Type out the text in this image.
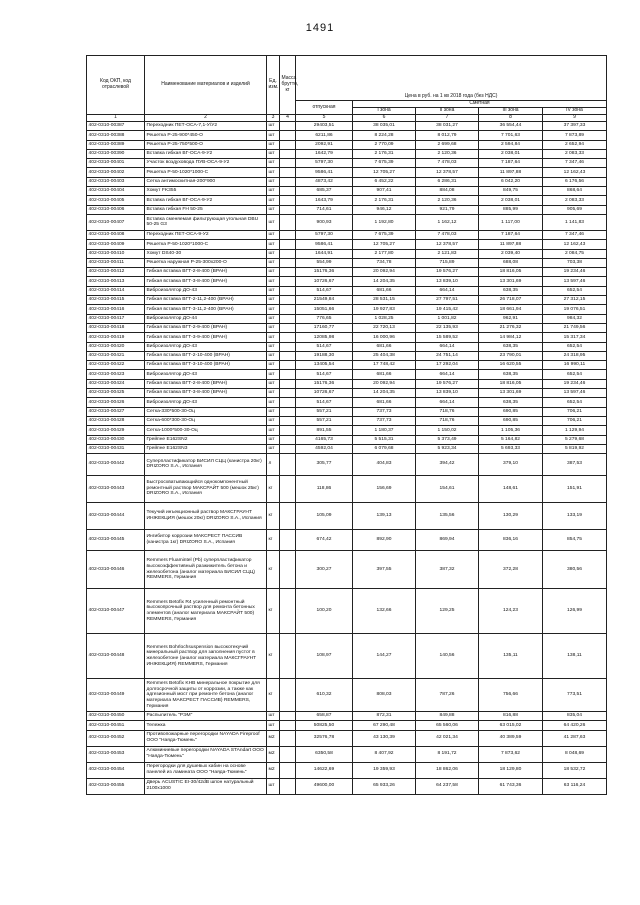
1491
Код ОКП, код отраслевой	Наименование материалов и изделий	Ед. изм.	Масса брутто, кг	Цена в руб. на 1 кв 2018 года (без НДС)				
				отпускная	Сметная			
					I зона	II зона	III зона	IV зона
1	2	3	4	5	6	7	8	9
402-0310-00387	Переходник ПЕТ-ОСА-7,1-У/У2	шт		29403,51	38 035,01	38 031,27	36 554,44	37 397,33
402-0310-00388	Решетка Р-25-900*450-О	шт		6211,86	8 224,28	8 012,79	7 701,63	7 873,89
402-0310-00389	Решетка Р-25-750*500-О	шт		2092,91	2 770,09	2 699,68	2 594,84	2 652,94
402-0310-00390	Вставка гибкая ВГ-ОСА-9-У2	шт		1642,79	2 176,31	2 120,36	2 038,01	2 083,33
402-0310-00401	Участок воздуховода ПУВ-ОСА-9-У2	шт		5797,30	7 675,39	7 478,03	7 187,64	7 347,46
402-0310-00402	Решетка Р-50-1020*1000-С	шт		9586,41	12 705,27	12 378,57	11 897,88	12 162,43
402-0310-00403	Сетка антимоскитная-200*900	шт		4873,42	6 452,22	6 286,31	6 042,20	6 176,56
402-0310-00404	Хомут FK355	шт		685,37	907,41	884,08	849,75	868,64
402-0310-00405	Вставка гибкая ВГ-ОСА-9-У2	шт		1643,79	2 176,31	2 120,36	2 038,01	2 083,33
402-0310-00406	Вставка гибкая FH 50-25	шт		714,61	946,12	921,79	885,99	905,69
402-0310-00407	Вставка сменяемая фильтрующая угольная DBU 50-25 G3	шт		900,93	1 192,80	1 162,12	1 117,00	1 141,83
402-0310-00408	Переходник ПЕТ-ОСА-9-У2	шт		5797,30	7 675,39	7 478,03	7 187,64	7 347,46
402-0310-00409	Решетка Р-50-1020*1000-С	шт		9586,41	12 705,27	12 378,57	11 897,88	12 162,43
402-0310-00410	Хомут DS40-30	шт		1644,91	2 177,80	2 121,83	2 039,40	2 084,75
402-0310-00411	Решетка наружная Р-25-300х200-О	шт		554,99	734,78	715,89	688,08	703,38
402-0310-00412	Гибкая вставка ВГТ-2-8-400 (ВРАН)	шт		15176,36	20 092,94	19 576,27	18 816,05	19 234,46
402-0310-00413	Гибкая вставка ВГТ-3-8-400 (ВРАН)	шт		10726,67	14 204,35	13 839,10	13 301,69	13 597,46
402-0310-00414	Виброизолятор ДО-43	шт		514,67	681,66	664,14	638,35	652,54
402-0310-00415	Гибкая вставка ВГТ-2-11,2-400 (ВРАН)	шт		21549,84	28 531,15	27 797,51	26 718,07	27 312,15
402-0310-00416	Гибкая вставка ВГТ-3-11,2-400 (ВРАН)	шт		15051,66	19 927,83	19 415,42	18 661,94	19 076,51
402-0310-00417	Виброизолятор ДО-44	шт		776,65	1 028,25	1 001,82	962,91	984,32
402-0310-00418	Гибкая вставка ВГТ-2-9-400 (ВРАН)	шт		17160,77	22 720,13	22 135,93	21 276,32	21 749,56
402-0310-00419	Гибкая вставка ВГТ-3-9-400 (ВРАН)	шт		12085,98	16 000,96	15 589,52	14 984,12	15 317,34
402-0310-00420	Виброизолятор ДО-43	шт		514,67	681,66	664,14	638,35	652,54
402-0310-00421	Гибкая вставка ВГТ-2-10-400 (ВРАН)	шт		19188,30	25 404,38	24 751,14	23 790,01	24 318,95
402-0310-00422	Гибкая вставка ВГТ-3-10-400 (ВРАН)	шт		13405,54	17 748,42	17 292,04	16 620,55	16 990,11
402-0310-00423	Виброизолятор ДО-43	шт		514,67	681,66	664,14	638,35	652,54
402-0310-00424	Гибкая вставка ВГТ-2-8-400 (ВРАН)	шт		15176,36	20 092,94	19 576,27	18 816,05	19 234,46
402-0310-00425	Гибкая вставка ВГТ-3-8-400 (ВРАН)	шт		10726,67	14 204,35	13 839,10	13 301,69	13 597,46
402-0310-00426	Виброизолятор ДО-43	шт		514,67	681,66	664,14	638,35	652,54
402-0310-00427	Сетка-330*500-30-Оц	шт		557,21	737,73	718,76	690,85	706,21
402-0310-00428	Сетка-600*300-30-Оц	шт		557,21	737,73	718,76	690,85	706,21
402-0310-00429	Сетка-1000*500-30-Оц	шт		891,55	1 180,37	1 150,02	1 105,36	1 129,94
402-0310-00430	Грейпне E162SN2	шт		4165,73	5 515,31	5 373,49	5 164,82	5 279,68
402-0310-00431	Грейпне E162SN3	шт		4592,04	6 079,68	5 923,34	5 693,33	5 819,92
402-0310-00442	Суперпластификатор БИСИЛ СЦЦ (канистра 20кг) DRIZORO S.A., Испания	л		305,77	404,83	394,42	379,10	387,53
402-0310-00443	Быстросхватывающийся однокомпонентный ремонтный раствор МАКСРАЙТ 500 (мешок 25кг) DRIZORO S.A., Испания	кг		118,86	156,69	154,61	148,61	151,91
402-0310-00444	Текучий инъекционный раствор МАКСГРАУНТ ИНЖЕКЦИЯ (мешок 20кг) DRIZORO S.A., Испания	кг		105,09	139,13	135,56	130,29	133,19
402-0310-00445	Ингибитор коррозии МАКСРЕСТ ПАССИВ (канистра 1кг) DRIZORO S.A., Испания	кг		674,42	892,90	869,94	836,16	854,75
402-0310-00446	Remmers Fluamintel (Pb) суперпластификатор высокоэффективный разжижитель бетона и железобетона (аналог материала БИСИЛ СЦЦ) REMMERS, Германия	кг		300,27	397,55	387,32	372,28	380,56
402-0310-00447	Remmers Betofix R4 усиленный ремонтный высокопрочный раствор для ремонта бетонных элементов (аналог материала МАКСРАЙТ 500) REMMERS, Германия	кг		100,20	132,66	129,25	124,23	126,99
402-0310-00448	Remmers Bohrlochsuspension высокотекучий минеральный раствор для заполнения пустот в железобетоне (аналог материала МАКСГРАУНТ ИНЖЕКЦИЯ) REMMERS, Германия	кг		108,97	144,27	140,56	135,11	138,11
402-0310-00449	Remmers Betofix KHB минеральное покрытие для долгосрочной защиты от коррозии, а также как адгезионный мост при ремонте бетона (аналог материала МАКСРЕСТ ПАССИВ) REMMERS, Германия	кг		610,32	808,03	787,26	756,66	773,51
402-0310-00450	Распылитель "РЭМ"	шт		658,87	872,31	849,88	816,88	835,04
402-0310-00451	Тележка	шт		50825,50	67 290,48	65 560,06	63 015,02	64 420,26
402-0310-00452	Противопожарные перегородки NAYADA Fireproof ООО "Наяда-Тюмень"	м2		32576,78	43 130,39	42 021,34	40 389,59	41 287,63
402-0310-00453	Алюминиевые перегородки NAYADA STAndart ООО "Наяда-Тюмень"	м2		6350,58	8 407,92	8 191,72	7 873,62	8 048,69
402-0310-00454	Перегородки для душевых кабин на основе панелей из ламината ООО "Наяда-Тюмень"	м2		14622,69	19 359,93	18 862,06	18 129,80	18 532,72
402-0310-00455	Дверь ACUSTIC EI-30/42dB шпон натуральный 2100х1000	шт		49600,00	65 933,26	64 237,58	61 743,36	63 116,24
